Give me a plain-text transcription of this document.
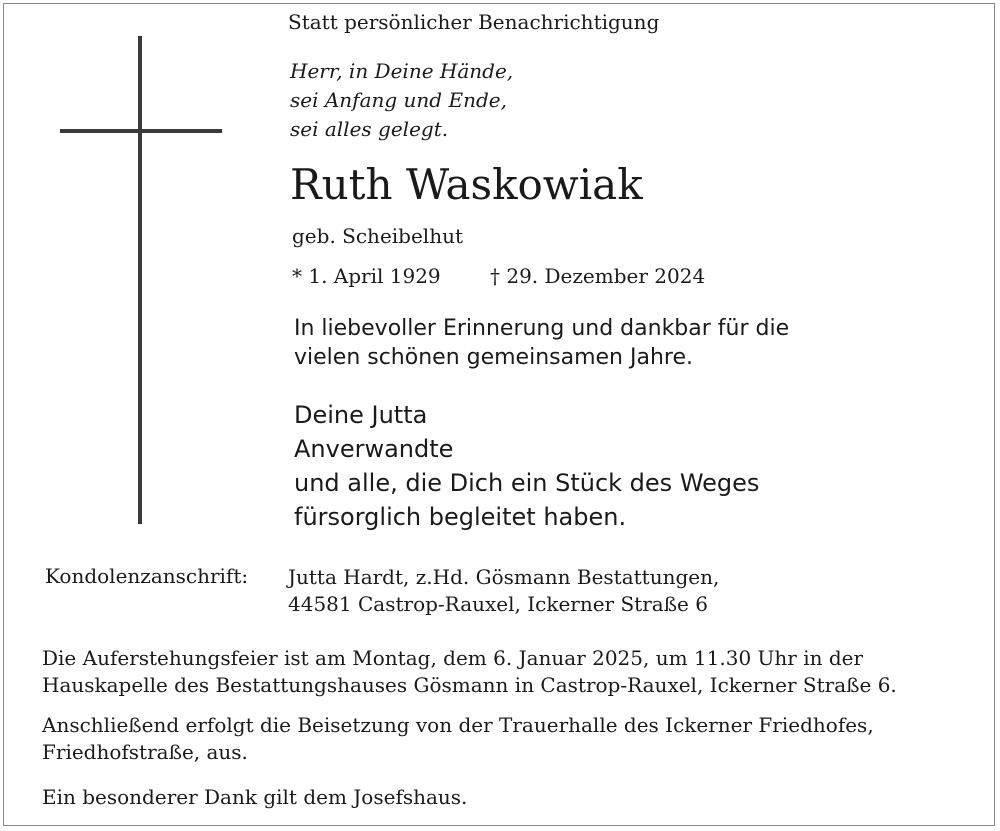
Statt persönlicher Benachrichtigung
Herr, in Deine Hände,
sei Anfang und Ende,
sei alles gelegt.
Ruth Waskowiak
geb. Scheibelhut
* 1. April 1929 † 29. Dezember 2024
In liebevoller Erinnerung und dankbar für die
vielen schönen gemeinsamen Jahre.
Deine Jutta
Anverwandte
und alle, die Dich ein Stück des Weges
fürsorglich begleitet haben.
Kondolenzanschrift: Jutta Hardt, z.Hd. Gösmann Bestattungen,
44581 Castrop-Rauxel, Ickerner Straße 6
Die Auferstehungsfeier ist am Montag, dem 6. Januar 2025, um 11.30 Uhr in der
Hauskapelle des Bestattungshauses Gösmann in Castrop-Rauxel, Ickerner Straße 6.
Anschließend erfolgt die Beisetzung von der Trauerhalle des Ickerner Friedhofes,
Friedhofstraße, aus.
Ein besonderer Dank gilt dem Josefshaus.
